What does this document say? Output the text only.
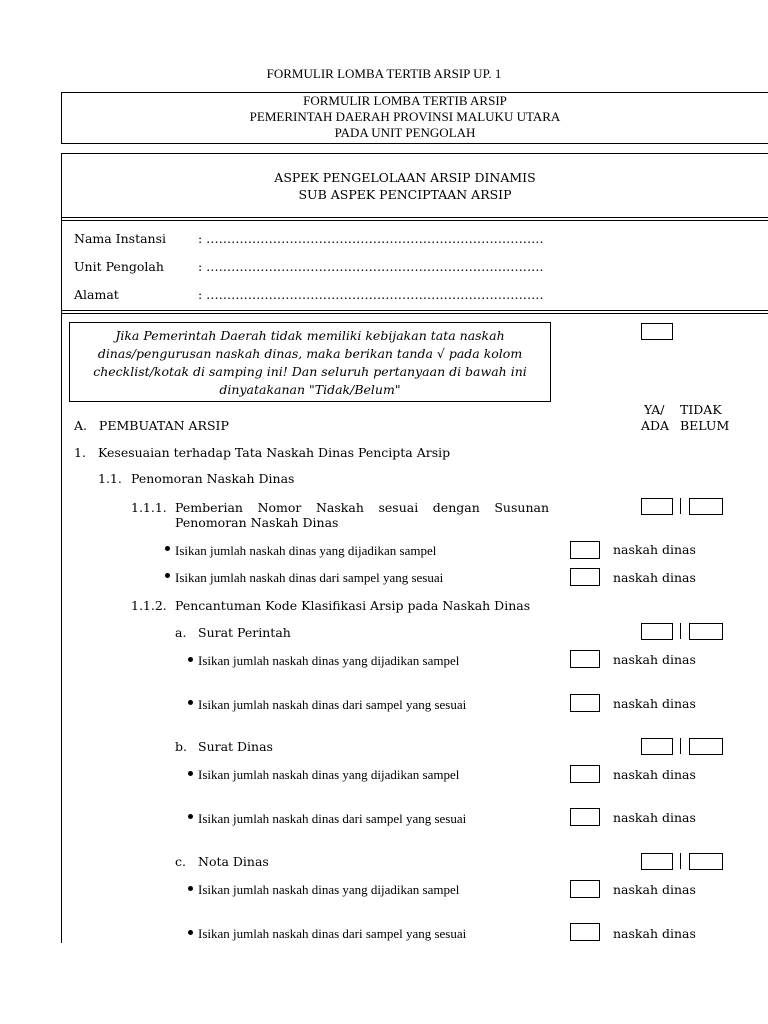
FORMULIR LOMBA TERTIB ARSIP UP. 1
FORMULIR LOMBA TERTIB ARSIP
PEMERINTAH DAERAH PROVINSI MALUKU UTARA
PADA UNIT PENGOLAH
ASPEK PENGELOLAAN ARSIP DINAMIS
SUB ASPEK PENCIPTAAN ARSIP
Nama Instansi	: ………………………………………………………………………
Unit Pengolah	: ………………………………………………………………………
Alamat	: ………………………………………………………………………

Jika Pemerintah Daerah tidak memiliki kebijakan tata naskah dinas/pengurusan naskah dinas, maka berikan tanda √ pada kolom checklist/kotak di samping ini! Dan seluruh pertanyaan di bawah ini dinyatakanan "Tidak/Belum"

YA/ TIDAK
ADA BELUM
A.   PEMBUATAN ARSIP
1. Kesesuaian terhadap Tata Naskah Dinas Pencipta Arsip
1.1. Penomoran Naskah Dinas
1.1.1. Pemberian Nomor Naskah sesuai dengan Susunan
Penomoran Naskah Dinas
Isikan jumlah naskah dinas yang dijadikan sampel	naskah dinas
Isikan jumlah naskah dinas dari sampel yang sesuai	naskah dinas
1.1.2. Pencantuman Kode Klasifikasi Arsip pada Naskah Dinas
a. Surat Perintah
Isikan jumlah naskah dinas yang dijadikan sampel	naskah dinas
Isikan jumlah naskah dinas dari sampel yang sesuai	naskah dinas
b. Surat Dinas
Isikan jumlah naskah dinas yang dijadikan sampel	naskah dinas
Isikan jumlah naskah dinas dari sampel yang sesuai	naskah dinas
c. Nota Dinas
Isikan jumlah naskah dinas yang dijadikan sampel	naskah dinas
Isikan jumlah naskah dinas dari sampel yang sesuai	naskah dinas
